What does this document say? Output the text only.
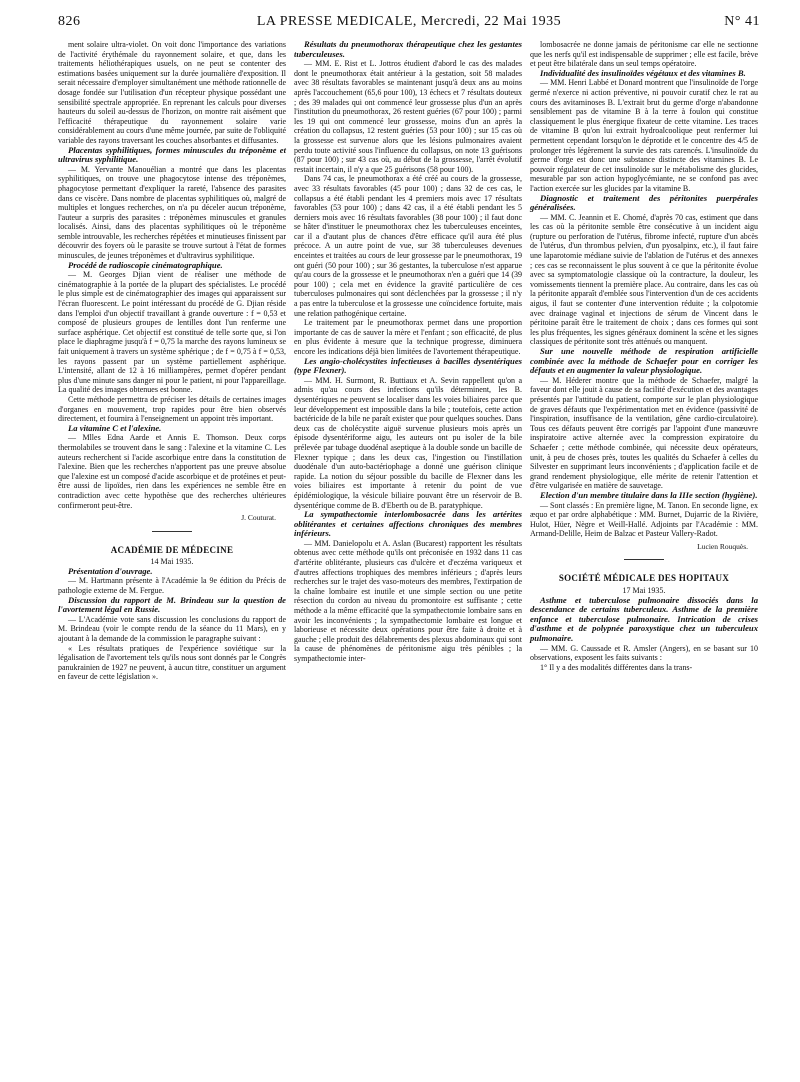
826	LA PRESSE MEDICALE, Mercredi, 22 Mai 1935	N° 41

ment solaire ultra-violet. On voit donc l'importance des variations de l'activité érythémale du rayonnement solaire, et que, dans les traitements héliothérapiques usuels, on ne peut se contenter des estimations basées uniquement sur la durée journalière d'exposition. Il serait nécessaire d'employer simultanément une méthode rationnelle de dosage fondée sur l'utilisation d'un récepteur physique possédant une sensibilité spectrale appropriée. En reprenant les calculs pour diverses hauteurs du soleil au-dessus de l'horizon, on montre rait aisément que l'efficacité thérapeutique du rayonnement solaire varie considérablement au cours d'une même journée, par suite de l'obliquité variable des rayons traversant les couches absorbantes et diffusantes.

Placentas syphilitiques, formes minuscules du tréponème et ultravirus syphilitique.

— M. Yervante Manouélian a montré que dans les placentas syphilitiques, on trouve une phagocytose intense des tréponèmes, phagocytose permettant d'expliquer la rareté, l'absence des parasites dans ce viscère. Dans nombre de placentas syphilitiques où, malgré de multiples et longues recherches, on n'a pu déceler aucun tréponème, l'auteur a surpris des parasites : tréponèmes minuscules et granules localisés. Ainsi, dans des placentas syphilitiques où le tréponème semble introuvable, les recherches répétées et minutieuses finissent par découvrir des foyers où le parasite se trouve surtout à l'état de formes minuscules, de jeunes tréponèmes et d'ultravirus syphilitique.

Procédé de radioscopie cinématographique.

— M. Georges Djian vient de réaliser une méthode de cinématographie à la portée de la plupart des spécialistes. Le procédé le plus simple est de cinématographier des images qui apparaissent sur l'écran fluorescent. Le point intéressant du procédé de G. Djian réside dans l'emploi d'un objectif travaillant à grande ouverture : f = 0,53 et composé de plusieurs groupes de lentilles dont l'un renferme une surface asphérique. Cet objectif est constitué de telle sorte que, si l'on place le diaphragme jusqu'à f = 0,75 la marche des rayons lumineux se fait uniquement à travers un système sphérique ; de f = 0,75 à f = 0,53, les rayons passent par un système partiellement asphérique. L'intensité, allant de 12 à 16 milliampères, permet d'opérer pendant plus d'une minute sans danger ni pour le patient, ni pour l'appareillage. La qualité des images obtenues est bonne.

Cette méthode permettra de préciser les détails de certaines images d'organes en mouvement, trop rapides pour être bien observés directement, et fournira à l'enseignement un appoint très important.

La vitamine C et l'alexine.

— Mlles Edna Aarde et Annis E. Thomson. Deux corps thermolabiles se trouvent dans le sang : l'alexine et la vitamine C. Les auteurs recherchent si l'acide ascorbique entre dans la constitution de l'alexine. Bien que les recherches n'apportent pas une preuve absolue que l'alexine est un composé d'acide ascorbique et de protéines et peut-être aussi de lipoïdes, rien dans les expériences ne semble être en contradiction avec cette hypothèse que des recherches ultérieures confirmeront peut-être.

J. Couturat.

ACADÉMIE DE MÉDECINE

14 Mai 1935.

Présentation d'ouvrage.

— M. Hartmann présente à l'Académie la 9e édition du Précis de pathologie externe de M. Fergue.

Discussion du rapport de M. Brindeau sur la question de l'avortement légal en Russie.

— L'Académie vote sans discussion les conclusions du rapport de M. Brindeau (voir le compte rendu de la séance du 11 Mars), en y ajoutant à la demande de la commission le paragraphe suivant :

« Les résultats pratiques de l'expérience soviétique sur la légalisation de l'avortement tels qu'ils nous sont donnés par le Congrès panukrainien de 1927 ne peuvent, à aucun titre, constituer un argument en faveur de cette législation ».

Résultats du pneumothorax thérapeutique chez les gestantes tuberculeuses.

— MM. E. Rist et L. Jottros étudient d'abord le cas des malades dont le pneumothorax était antérieur à la gestation, soit 58 malades avec 38 résultats favorables se maintenant jusqu'à deux ans au moins après l'accouchement (65,6 pour 100), 13 échecs et 7 résultats douteux ; des 39 malades qui ont commencé leur grossesse plus d'un an après l'institution du pneumothorax, 26 restent guéries (67 pour 100) ; parmi les 19 qui ont commencé leur grossesse, moins d'un an après la création du collapsus, 12 restent guéries (53 pour 100) ; sur 15 cas où la grossesse est survenue alors que les lésions pulmonaires avaient perdu toute activité sous l'influence du collapsus, on note 13 guérisons (87 pour 100) ; sur 43 cas où, au début de la grossesse, l'arrêt évolutif restait incertain, il n'y a que 25 guérisons (58 pour 100).

Dans 74 cas, le pneumothorax a été créé au cours de la grossesse, avec 33 résultats favorables (45 pour 100) ; dans 32 de ces cas, le collapsus a été établi pendant les 4 premiers mois avec 17 résultats favorables (53 pour 100) ; dans 42 cas, il a été établi pendant les 5 derniers mois avec 16 résultats favorables (38 pour 100) ; il faut donc se hâter d'instituer le pneumothorax chez les tuberculeuses enceintes, car il a d'autant plus de chances d'être efficace qu'il aura été plus précoce. A un autre point de vue, sur 38 tuberculeuses devenues enceintes et traitées au cours de leur grossesse par le pneumothorax, 19 ont guéri (50 pour 100) ; sur 36 gestantes, la tuberculose n'est apparue qu'au cours de la grossesse et le pneumothorax n'en a guéri que 14 (39 pour 100) ; cela met en évidence la gravité particulière de ces tuberculoses pulmonaires qui sont déclenchées par la grossesse ; il n'y a pas entre la tuberculose et la grossesse une coïncidence fortuite, mais une relation pathogénique certaine.

Le traitement par le pneumothorax permet dans une proportion importante de cas de sauver la mère et l'enfant ; son efficacité, de plus en plus évidente à mesure que la technique progresse, diminuera encore les indications déjà bien limitées de l'avortement thérapeutique.

Les angio-cholécystites infectieuses à bacilles dysentériques (type Flexner).

— MM. H. Surmont, R. Buttiaux et A. Sevin rappellent qu'on a admis qu'au cours des infections qu'ils déterminent, les B. dysentériques ne peuvent se localiser dans les voies biliaires parce que leur développement est impossible dans la bile ; toutefois, cette action bactéricide de la bile ne paraît exister que pour quelques souches. Dans deux cas de cholécystite aiguë survenue plusieurs mois après un épisode dysentériforme aigu, les auteurs ont pu isoler de la bile prélevée par tubage duodénal aseptique à la double sonde un bacille de Flexner typique ; dans les deux cas, l'ingestion ou l'instillation duodénale d'un auto-bactériophage a donné une guérison clinique rapide. La notion du séjour possible du bacille de Flexner dans les voies biliaires est importante à retenir du point de vue épidémiologique, la vésicule biliaire pouvant être un réservoir de B. dysentérique comme de B. d'Eberth ou de B. paratyphique.

La sympathectomie interlombosacrée dans les artérites oblitérantes et certaines affections chroniques des membres inférieurs.

— MM. Danielopolu et A. Aslan (Bucarest) rapportent les résultats obtenus avec cette méthode qu'ils ont préconisée en 1932 dans 11 cas d'artérite oblitérante, plusieurs cas d'ulcère et d'eczéma variqueux et d'autres affections trophiques des membres inférieurs ; d'après leurs recherches sur le trajet des vaso-moteurs des membres, l'extirpation de la chaîne lombaire est inutile et une simple section ou une petite résection du cordon au niveau du promontoire est suffisante ; cette méthode a la même efficacité que la sympathectomie lombaire sans en avoir les inconvénients ; la sympathectomie lombaire est longue et laborieuse et nécessite deux opérations pour être faite à droite et à gauche ; elle produit des délabrements des plexus abdominaux qui sont la cause de phénomènes de péritonisme aigu très pénibles ; la sympathectomie inter-

lombosacrée ne donne jamais de péritonisme car elle ne sectionne que les nerfs qu'il est indispensable de supprimer ; elle est facile, brève et peut être bilatérale dans un seul temps opératoire.

Individualité des insulinoïdes végétaux et des vitamines B.

— MM. Henri Labbé et Donard montrent que l'insulinoïde de l'orge germé n'exerce ni action préventive, ni pouvoir curatif chez le rat au cours des avitaminoses B. L'extrait brut du germe d'orge n'abandonne sensiblement pas de vitamine B à la terre à foulon qui constitue classiquement le plus énergique fixateur de cette vitamine. Les traces de vitamine B qu'on lui extrait hydroalcoolique peut renfermer lui permettent cependant lorsqu'on le déprotide et le concentre des 4/5 de prolonger très légèrement la survie des rats carencés. L'insulinoïde du germe d'orge est donc une substance distincte des vitamines B. Le pouvoir régulateur de cet insulinoïde sur le métabolisme des glucides, mesurable par son action hypoglycémiante, ne se confond pas avec l'action exercée sur les glucides par la vitamine B.

Diagnostic et traitement des péritonites puerpérales généralisées.

— MM. C. Jeannin et E. Chomé, d'après 70 cas, estiment que dans les cas où la péritonite semble être consécutive à un incident aigu (rupture ou perforation de l'utérus, fibrome infecté, rupture d'un abcès de l'utérus, d'un thrombus pelvien, d'un pyosalpinx, etc.), il faut faire une laparotomie médiane suivie de l'ablation de l'utérus et des annexes ; ces cas se reconnaissent le plus souvent à ce que la péritonite évolue avec sa symptomatologie classique où la contracture, la douleur, les vomissements tiennent la première place. Au contraire, dans les cas où la péritonite apparaît d'emblée sous l'intervention d'un de ces accidents aigus, il faut se contenter d'une intervention réduite ; la colpotomie avec drainage vaginal et injections de sérum de Vincent dans le péritoine paraît être le traitement de choix ; dans ces formes qui sont les plus fréquentes, les signes généraux dominent la scène et les signes classiques de péritonite sont très atténués ou manquent.

Sur une nouvelle méthode de respiration artificielle combinée avec la méthode de Schaefer pour en corriger les défauts et en augmenter la valeur physiologique.

— M. Héderer montre que la méthode de Schaefer, malgré la faveur dont elle jouit à cause de sa facilité d'exécution et des avantages présentés par l'attitude du patient, comporte sur le plan physiologique de graves défauts que l'expérimentation met en évidence (passivité de l'inspiration, insuffisance de la ventilation, gêne cardio-circulatoire). Tous ces défauts peuvent être corrigés par l'appoint d'une manœuvre inspiratoire active alternée avec la compression expiratoire du Schaefer ; cette méthode combinée, qui nécessite deux opérateurs, unit, à peu de choses près, toutes les qualités du Schaefer à celles du Silvester en supprimant leurs inconvénients ; d'application facile et de grand rendement physiologique, elle mérite de retenir l'attention et d'être vulgarisée en matière de sauvetage.

Election d'un membre titulaire dans la IIIe section (hygiène).

— Sont classés : En première ligne, M. Tanon. En seconde ligne, ex æquo et par ordre alphabétique : MM. Burnet, Dujarric de la Rivière, Hulot, Hüer, Nègre et Weill-Hallé. Adjoints par l'Académie : MM. Armand-Delille, Heim de Balzac et Pasteur Vallery-Radot.

Lucien Rouquès.

SOCIÉTÉ MÉDICALE DES HOPITAUX

17 Mai 1935.

Asthme et tuberculose pulmonaire dissociés dans la descendance de certains tuberculeux. Asthme de la première enfance et tuberculose pulmonaire. Intrication de crises d'asthme et de polypnée paroxystique chez un tuberculeux pulmonaire.

— MM. G. Caussade et R. Amsler (Angers), en se basant sur 10 observations, exposent les faits suivants :

1° Il y a des modalités différentes dans la trans-
